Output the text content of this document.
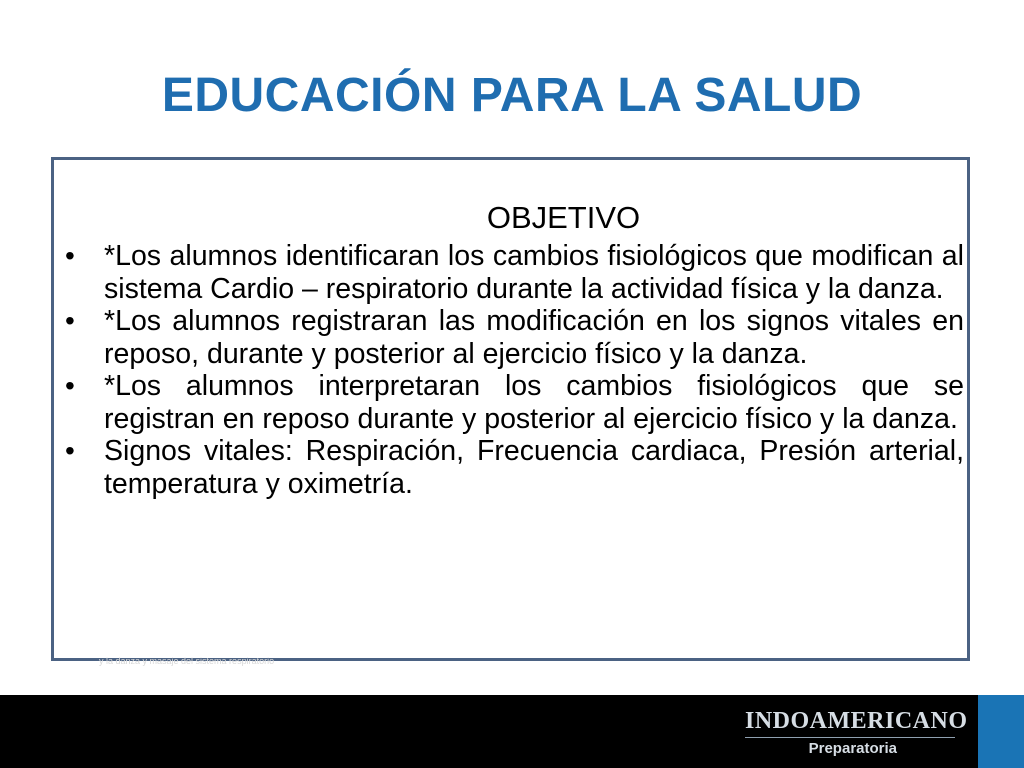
EDUCACIÓN PARA LA SALUD
OBJETIVO
• *Los alumnos identificaran los cambios fisiológicos que modifican al sistema Cardio – respiratorio durante la actividad física y la danza.
• *Los alumnos registraran las modificación en los signos vitales en reposo, durante y posterior al ejercicio físico y la danza.
• *Los alumnos interpretaran los cambios fisiológicos que se registran en reposo durante y posterior al ejercicio físico y la danza.
• Signos vitales: Respiración, Frecuencia cardiaca, Presión arterial, temperatura y oximetría.
y la danza y masaje del sistema respiratorio
INDOAMERICANO
Preparatoria
